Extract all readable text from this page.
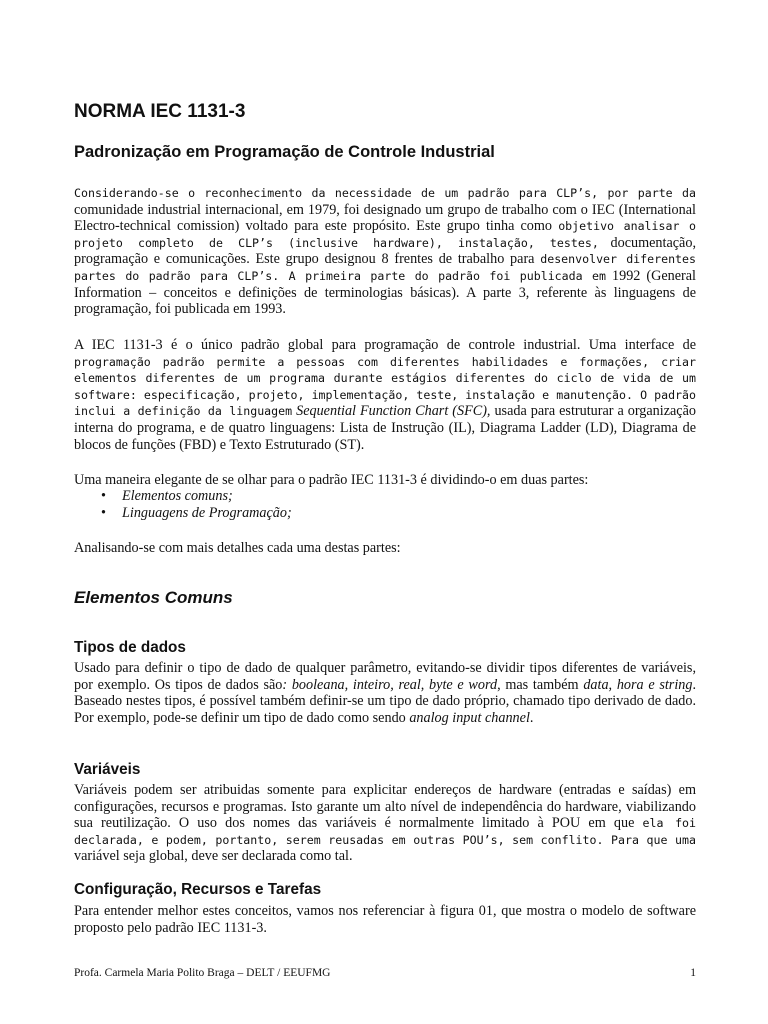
NORMA IEC 1131-3
Padronização em Programação de Controle Industrial
Considerando-se o reconhecimento da necessidade de um padrão para CLP’s, por parte da comunidade industrial internacional, em 1979, foi designado um grupo de trabalho com o IEC (International Electro-technical comission) voltado para este propósito. Este grupo tinha como objetivo analisar o projeto completo de CLP’s (inclusive hardware), instalação, testes, documentação, programação e comunicações. Este grupo designou 8 frentes de trabalho para desenvolver diferentes partes do padrão para CLP’s. A primeira parte do padrão foi publicada em 1992 (General Information – conceitos e definições de terminologias básicas). A parte 3, referente às linguagens de programação, foi publicada em 1993.
A IEC 1131-3 é o único padrão global para programação de controle industrial. Uma interface de programação padrão permite a pessoas com diferentes habilidades e formações, criar elementos diferentes de um programa durante estágios diferentes do ciclo de vida de um software: especificação, projeto, implementação, teste, instalação e manutenção. O padrão inclui a definição da linguagem Sequential Function Chart (SFC), usada para estruturar a organização interna do programa, e de quatro linguagens: Lista de Instrução (IL), Diagrama Ladder (LD), Diagrama de blocos de funções (FBD) e Texto Estruturado (ST).
Uma maneira elegante de se olhar para o padrão IEC 1131-3 é dividindo-o em duas partes:
• Elementos comuns;
• Linguagens de Programação;
Analisando-se com mais detalhes cada uma destas partes:
Elementos Comuns
Tipos de dados
Usado para definir o tipo de dado de qualquer parâmetro, evitando-se dividir tipos diferentes de variáveis, por exemplo. Os tipos de dados são: booleana, inteiro, real, byte e word, mas também data, hora e string. Baseado nestes tipos, é possível também definir-se um tipo de dado próprio, chamado tipo derivado de dado. Por exemplo, pode-se definir um tipo de dado como sendo analog input channel.
Variáveis
Variáveis podem ser atribuidas somente para explicitar endereços de hardware (entradas e saídas) em configurações, recursos e programas. Isto garante um alto nível de independência do hardware, viabilizando sua reutilização. O uso dos nomes das variáveis é normalmente limitado à POU em que ela foi declarada, e podem, portanto, serem reusadas em outras POU’s, sem conflito. Para que uma variável seja global, deve ser declarada como tal.
Configuração, Recursos e Tarefas
Para entender melhor estes conceitos, vamos nos referenciar à figura 01, que mostra o modelo de software proposto pelo padrão IEC 1131-3.
Profa. Carmela Maria Polito Braga – DELT / EEUFMG	1
